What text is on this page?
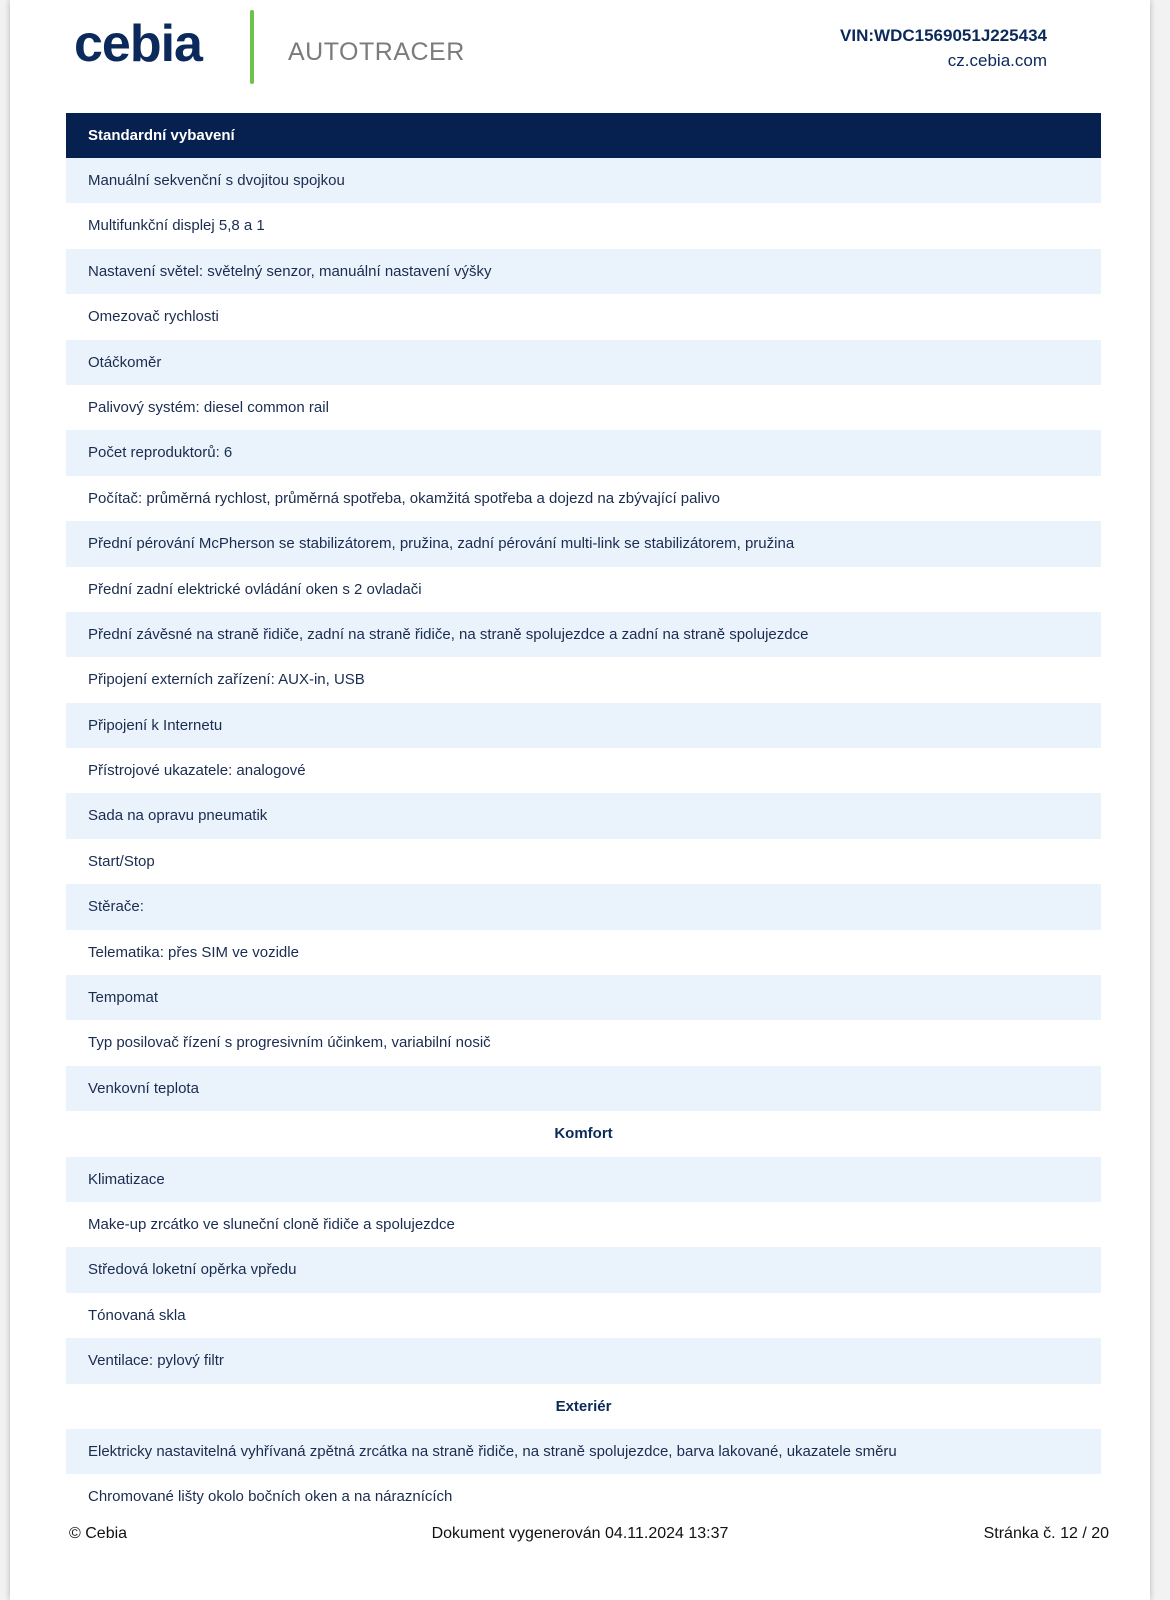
cebia	AUTOTRACER
VIN:WDC1569051J225434
cz.cebia.com
Standardní vybavení
Manuální sekvenční s dvojitou spojkou
Multifunkční displej 5,8 a 1
Nastavení světel: světelný senzor, manuální nastavení výšky
Omezovač rychlosti
Otáčkoměr
Palivový systém: diesel common rail
Počet reproduktorů: 6
Počítač: průměrná rychlost, průměrná spotřeba, okamžitá spotřeba a dojezd na zbývající palivo
Přední pérování McPherson se stabilizátorem, pružina, zadní pérování multi-link se stabilizátorem, pružina
Přední zadní elektrické ovládání oken s 2 ovladači
Přední závěsné na straně řidiče, zadní na straně řidiče, na straně spolujezdce a zadní na straně spolujezdce
Připojení externích zařízení: AUX-in, USB
Připojení k Internetu
Přístrojové ukazatele: analogové
Sada na opravu pneumatik
Start/Stop
Stěrače:
Telematika: přes SIM ve vozidle
Tempomat
Typ posilovač řízení s progresivním účinkem, variabilní nosič
Venkovní teplota
Komfort
Klimatizace
Make-up zrcátko ve sluneční cloně řidiče a spolujezdce
Středová loketní opěrka vpředu
Tónovaná skla
Ventilace: pylový filtr
Exteriér
Elektricky nastavitelná vyhřívaná zpětná zrcátka na straně řidiče, na straně spolujezdce, barva lakované, ukazatele směru
Chromované lišty okolo bočních oken a na náraznících
© Cebia	Dokument vygenerován 04.11.2024 13:37	Stránka č. 12 / 20
